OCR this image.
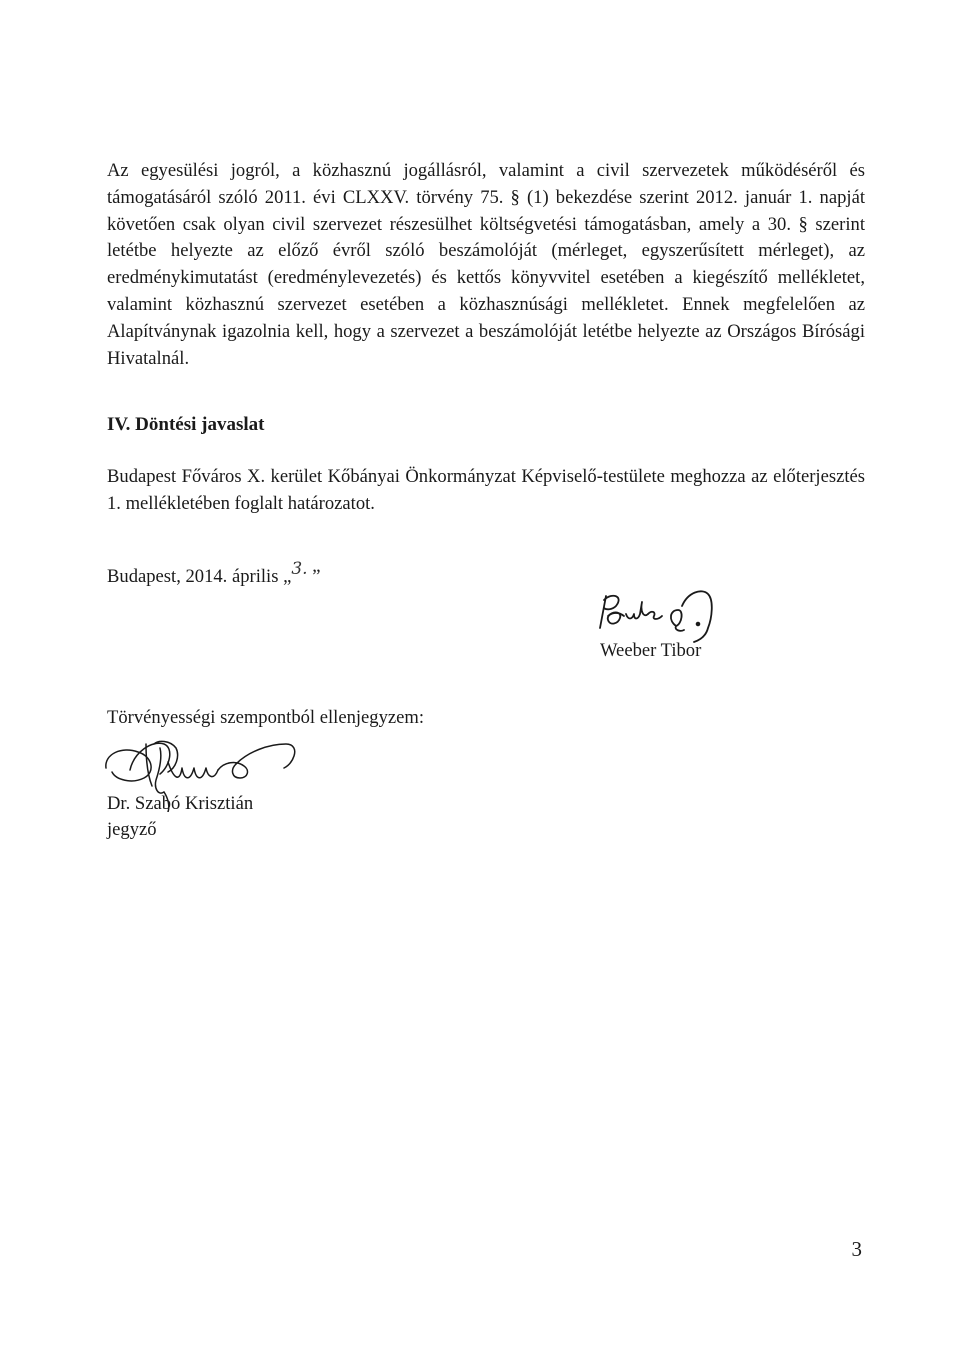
Az egyesülési jogról, a közhasznú jogállásról, valamint a civil szervezetek működéséről és támogatásáról szóló 2011. évi CLXXV. törvény 75. § (1) bekezdése szerint 2012. január 1. napját követően csak olyan civil szervezet részesülhet költségvetési támogatásban, amely a 30. § szerint letétbe helyezte az előző évről szóló beszámolóját (mérleget, egyszerűsített mérleget), az eredménykimutatást (eredménylevezetés) és kettős könyvvitel esetében a kiegészítő mellékletet, valamint közhasznú szervezet esetében a közhasznúsági mellékletet. Ennek megfelelően az Alapítványnak igazolnia kell, hogy a szervezet a beszámolóját letétbe helyezte az Országos Bírósági Hivatalnál.

IV. Döntési javaslat

Budapest Főváros X. kerület Kőbányai Önkormányzat Képviselő-testülete meghozza az előterjesztés 1. mellékletében foglalt határozatot.

Budapest, 2014. április „3. ”
Weeber Tibor
Törvényességi szempontból ellenjegyzem:
Dr. Szabó Krisztián
jegyző
3
